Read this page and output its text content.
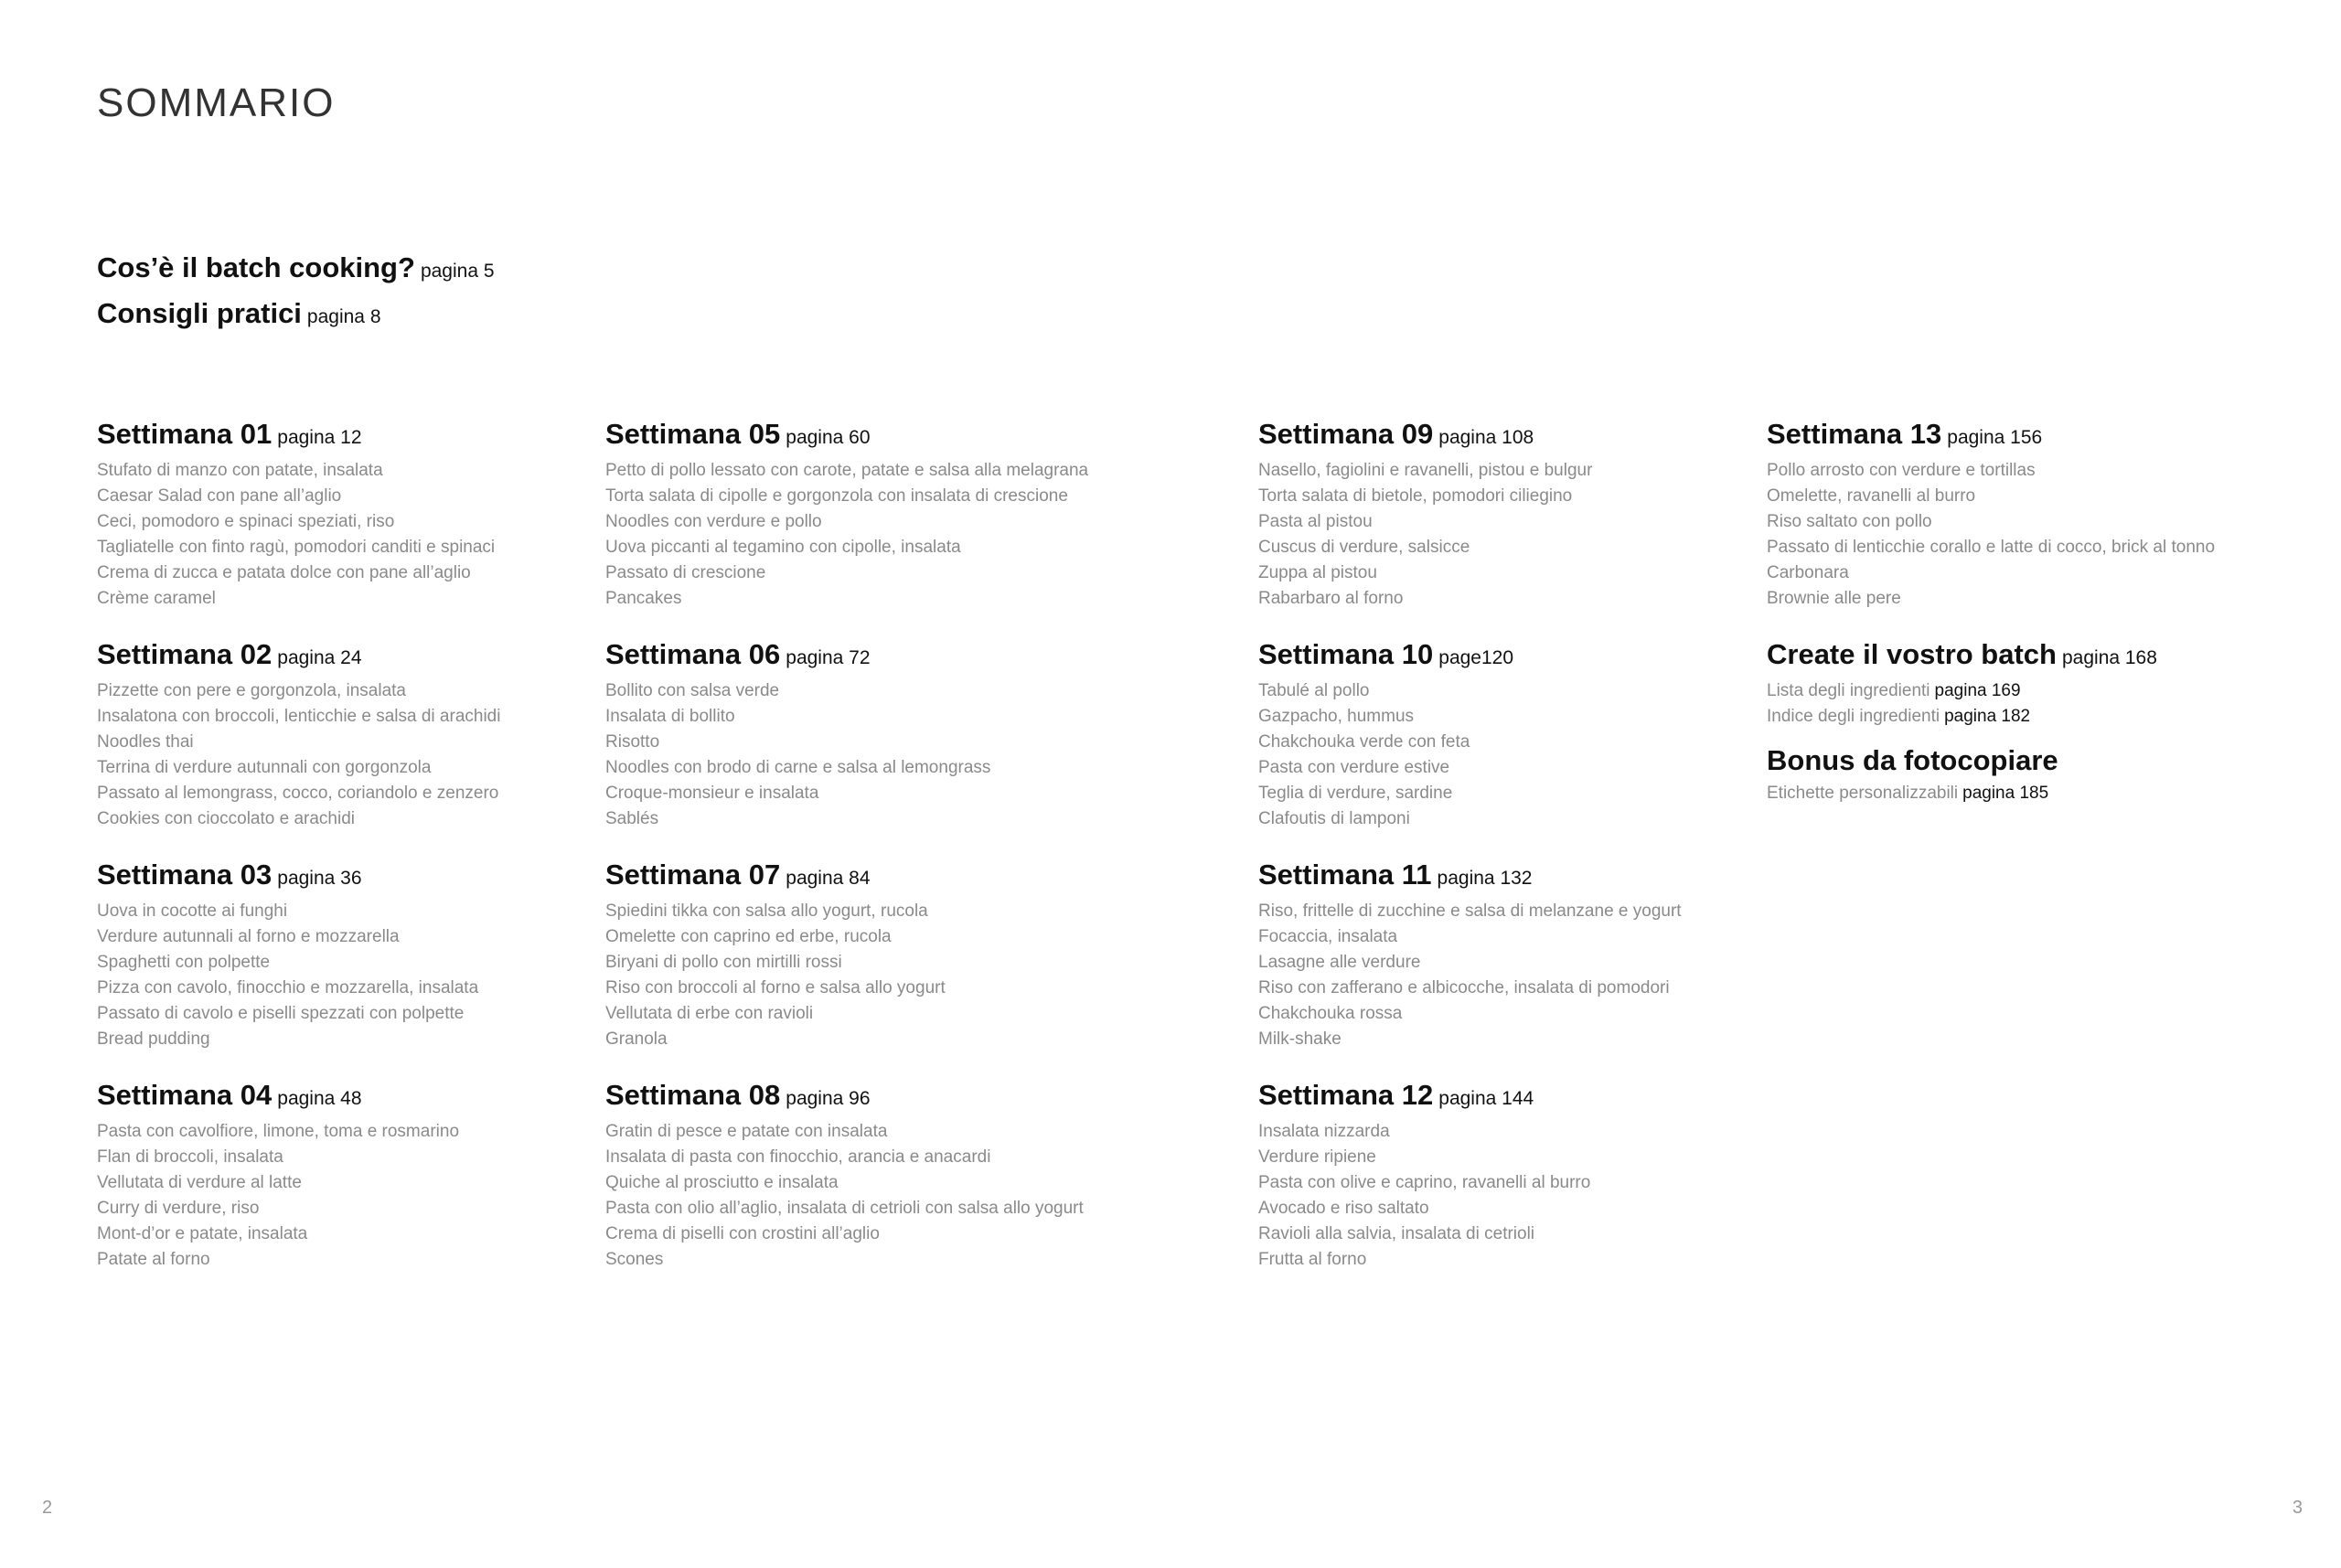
SOMMARIO
Cos’è il batch cooking? pagina 5
Consigli pratici pagina 8
Settimana 01 pagina 12
Stufato di manzo con patate, insalata
Caesar Salad con pane all’aglio
Ceci, pomodoro e spinaci speziati, riso
Tagliatelle con finto ragù, pomodori canditi e spinaci
Crema di zucca e patata dolce con pane all’aglio
Crème caramel
Settimana 02 pagina 24
Pizzette con pere e gorgonzola, insalata
Insalatona con broccoli, lenticchie e salsa di arachidi
Noodles thai
Terrina di verdure autunnali con gorgonzola
Passato al lemongrass, cocco, coriandolo e zenzero
Cookies con cioccolato e arachidi
Settimana 03 pagina 36
Uova in cocotte ai funghi
Verdure autunnali al forno e mozzarella
Spaghetti con polpette
Pizza con cavolo, finocchio e mozzarella, insalata
Passato di cavolo e piselli spezzati con polpette
Bread pudding
Settimana 04 pagina 48
Pasta con cavolfiore, limone, toma e rosmarino
Flan di broccoli, insalata
Vellutata di verdure al latte
Curry di verdure, riso
Mont-d’or e patate, insalata
Patate al forno
Settimana 05 pagina 60
Petto di pollo lessato con carote, patate e salsa alla melagrana
Torta salata di cipolle e gorgonzola con insalata di crescione
Noodles con verdure e pollo
Uova piccanti al tegamino con cipolle, insalata
Passato di crescione
Pancakes
Settimana 06 pagina 72
Bollito con salsa verde
Insalata di bollito
Risotto
Noodles con brodo di carne e salsa al lemongrass
Croque-monsieur e insalata
Sablés
Settimana 07 pagina 84
Spiedini tikka con salsa allo yogurt, rucola
Omelette con caprino ed erbe, rucola
Biryani di pollo con mirtilli rossi
Riso con broccoli al forno e salsa allo yogurt
Vellutata di erbe con ravioli
Granola
Settimana 08 pagina 96
Gratin di pesce e patate con insalata
Insalata di pasta con finocchio, arancia e anacardi
Quiche al prosciutto e insalata
Pasta con olio all’aglio, insalata di cetrioli con salsa allo yogurt
Crema di piselli con crostini all’aglio
Scones
Settimana 09 pagina 108
Nasello, fagiolini e ravanelli, pistou e bulgur
Torta salata di bietole, pomodori ciliegino
Pasta al pistou
Cuscus di verdure, salsicce
Zuppa al pistou
Rabarbaro al forno
Settimana 10 page120
Tabulé al pollo
Gazpacho, hummus
Chakchouka verde con feta
Pasta con verdure estive
Teglia di verdure, sardine
Clafoutis di lamponi
Settimana 11 pagina 132
Riso, frittelle di zucchine e salsa di melanzane e yogurt
Focaccia, insalata
Lasagne alle verdure
Riso con zafferano e albicocche, insalata di pomodori
Chakchouka rossa
Milk-shake
Settimana 12 pagina 144
Insalata nizzarda
Verdure ripiene
Pasta con olive e caprino, ravanelli al burro
Avocado e riso saltato
Ravioli alla salvia, insalata di cetrioli
Frutta al forno
Settimana 13 pagina 156
Pollo arrosto con verdure e tortillas
Omelette, ravanelli al burro
Riso saltato con pollo
Passato di lenticchie corallo e latte di cocco, brick al tonno
Carbonara
Brownie alle pere
Create il vostro batch pagina 168
Lista degli ingredienti pagina 169
Indice degli ingredienti pagina 182
Bonus da fotocopiare
Etichette personalizzabili pagina 185
2	3
